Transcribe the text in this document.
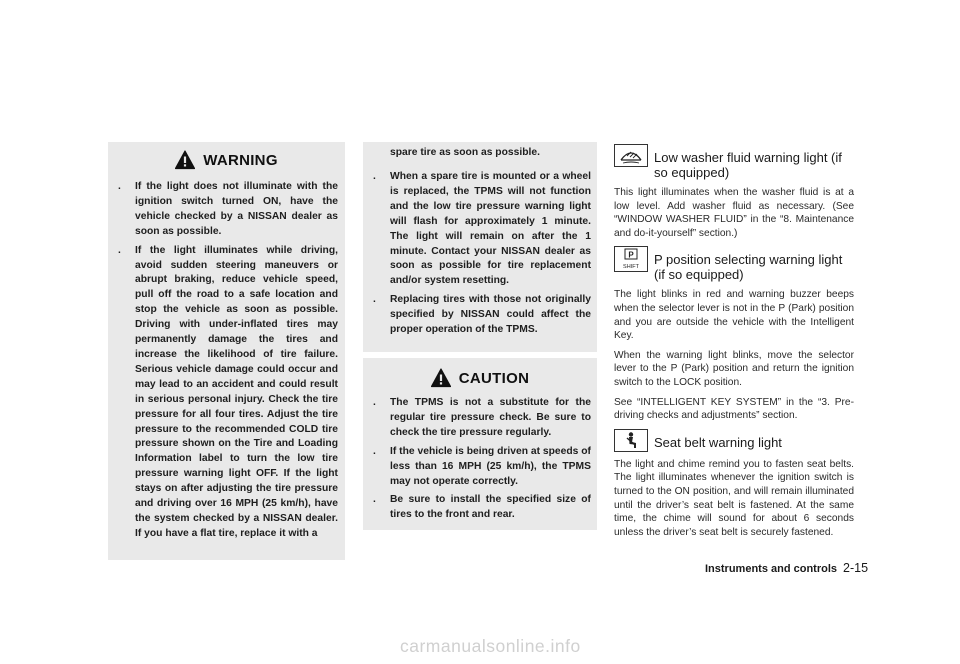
WARNING
. If the light does not illuminate with the ignition switch turned ON, have the vehicle checked by a NISSAN dealer as soon as possible.
. If the light illuminates while driving, avoid sudden steering maneuvers or abrupt braking, reduce vehicle speed, pull off the road to a safe location and stop the vehicle as soon as possible. Driving with under-inflated tires may permanently damage the tires and increase the likelihood of tire failure. Serious vehicle damage could occur and may lead to an accident and could result in serious personal injury. Check the tire pressure for all four tires. Adjust the tire pressure to the recommended COLD tire pressure shown on the Tire and Loading Information label to turn the low tire pressure warning light OFF. If the light stays on after adjusting the tire pressure and driving over 16 MPH (25 km/h), have the system checked by a NISSAN dealer. If you have a flat tire, replace it with a
spare tire as soon as possible.
. When a spare tire is mounted or a wheel is replaced, the TPMS will not function and the low tire pressure warning light will flash for approximately 1 minute. The light will remain on after the 1 minute. Contact your NISSAN dealer as soon as possible for tire replacement and/or system resetting.
. Replacing tires with those not originally specified by NISSAN could affect the proper operation of the TPMS.
CAUTION
. The TPMS is not a substitute for the regular tire pressure check. Be sure to check the tire pressure regularly.
. If the vehicle is being driven at speeds of less than 16 MPH (25 km/h), the TPMS may not operate correctly.
. Be sure to install the specified size of tires to the front and rear.
Low washer fluid warning light (if so equipped)

This light illuminates when the washer fluid is at a low level. Add washer fluid as necessary. (See “WINDOW WASHER FLUID” in the “8. Maintenance and do-it-yourself” section.)

P
SHIFT P position selecting warning light (if so equipped)

The light blinks in red and warning buzzer beeps when the selector lever is not in the P (Park) position and you are outside the vehicle with the Intelligent Key.

When the warning light blinks, move the selector lever to the P (Park) position and return the ignition switch to the LOCK position.

See “INTELLIGENT KEY SYSTEM” in the “3. Pre-driving checks and adjustments” section.

Seat belt warning light

The light and chime remind you to fasten seat belts. The light illuminates whenever the ignition switch is turned to the ON position, and will remain illuminated until the driver’s seat belt is fastened. At the same time, the chime will sound for about 6 seconds unless the driver’s seat belt is securely fastened.

Instruments and controls 2-15
carmanualsonline.info
